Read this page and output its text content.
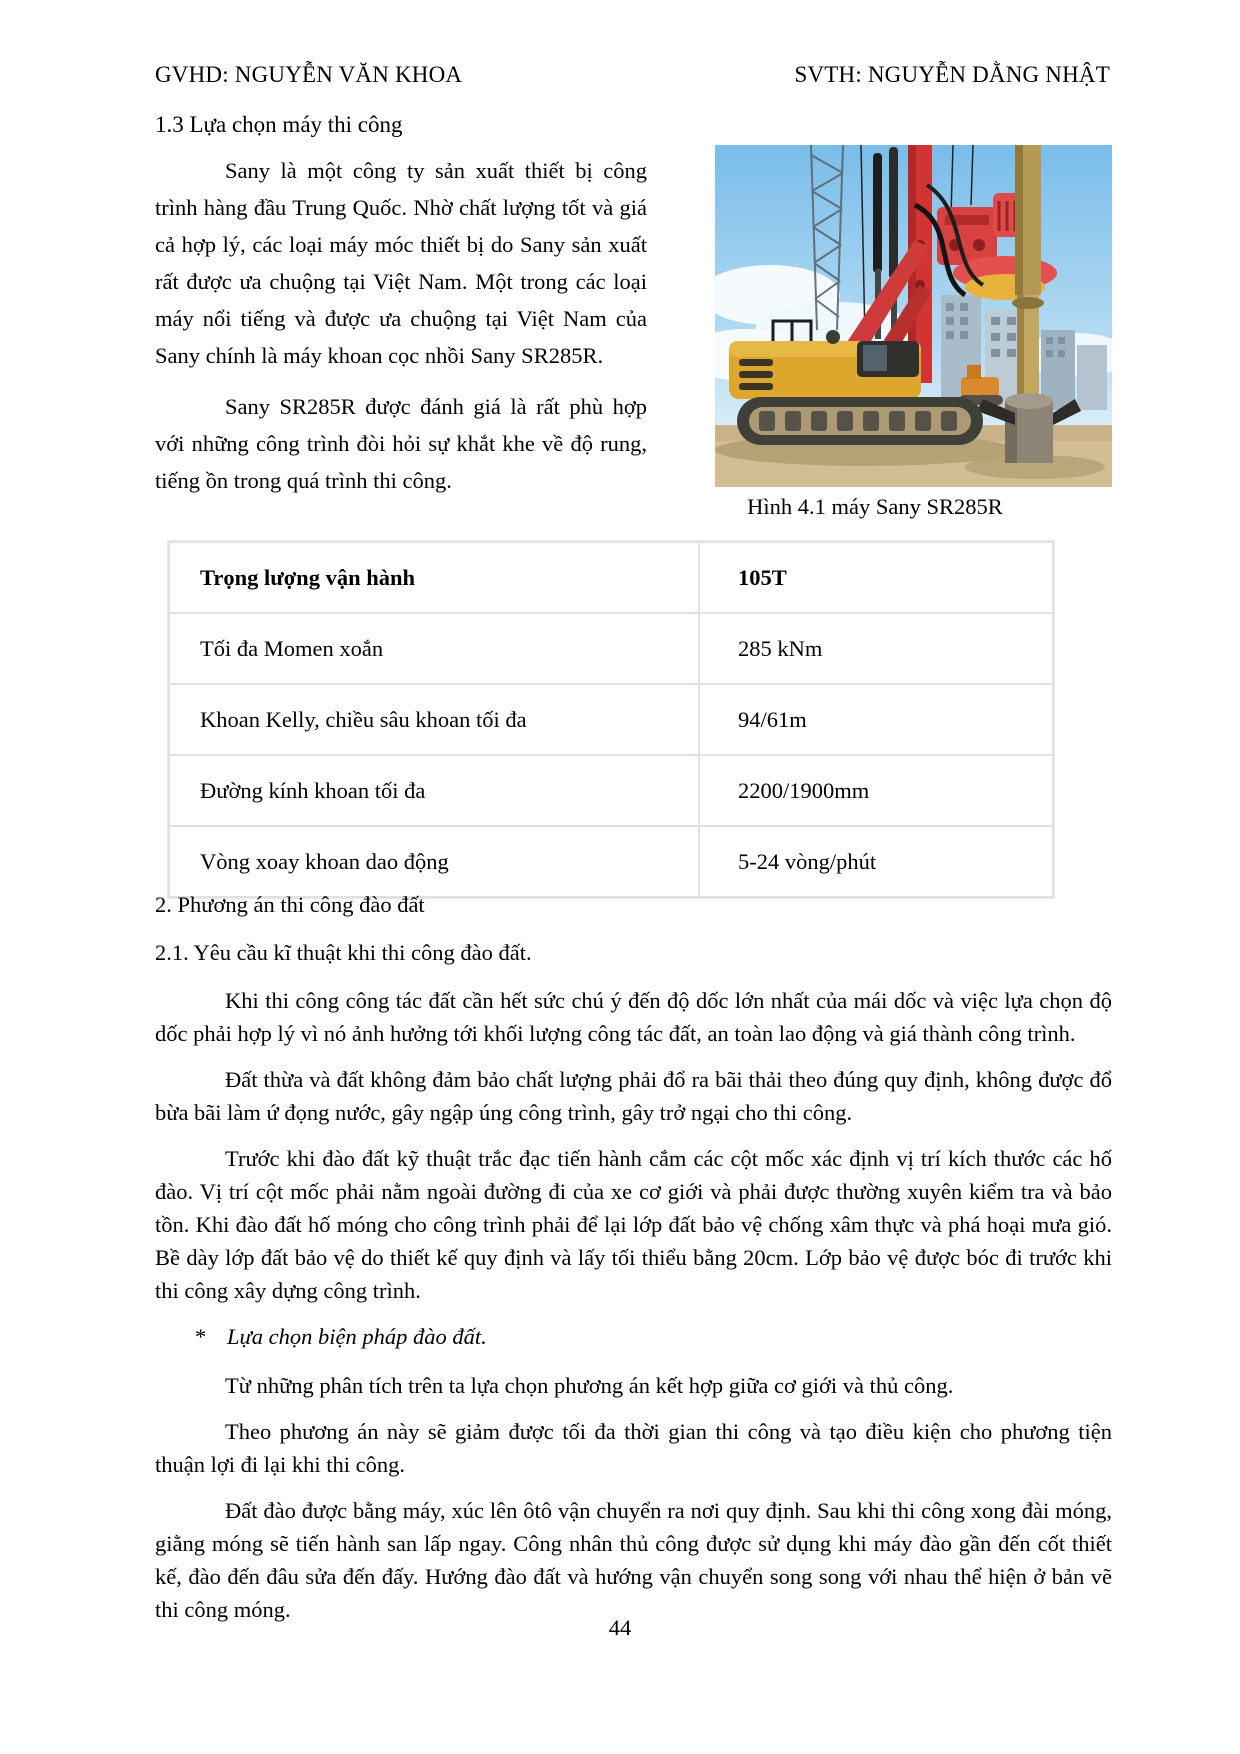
GVHD: NGUYỄN VĂN KHOA	SVTH: NGUYỄN DẰNG NHẬT
1.3 Lựa chọn máy thi công

Sany là một công ty sản xuất thiết bị công trình hàng đầu Trung Quốc. Nhờ chất lượng tốt và giá cả hợp lý, các loại máy móc thiết bị do Sany sản xuất rất được ưa chuộng tại Việt Nam. Một trong các loại máy nổi tiếng và được ưa chuộng tại Việt Nam của Sany chính là máy khoan cọc nhồi Sany SR285R.

Sany SR285R được đánh giá là rất phù hợp với những công trình đòi hỏi sự khắt khe về độ rung, tiếng ồn trong quá trình thi công.

Hình 4.1 máy Sany SR285R
Trọng lượng vận hành	105T
Tối đa Momen xoắn	285 kNm
Khoan Kelly, chiều sâu khoan tối đa	94/61m
Đường kính khoan tối đa	2200/1900mm
Vòng xoay khoan dao động	5-24 vòng/phút
2. Phương án thi công đào đất
2.1. Yêu cầu kĩ thuật khi thi công đào đất.

Khi thi công công tác đất cần hết sức chú ý đến độ dốc lớn nhất của mái dốc và việc lựa chọn độ dốc phải hợp lý vì nó ảnh hưởng tới khối lượng công tác đất, an toàn lao động và giá thành công trình.

Đất thừa và đất không đảm bảo chất lượng phải đổ ra bãi thải theo đúng quy định, không được đổ bừa bãi làm ứ đọng nước, gây ngập úng công trình, gây trở ngại cho thi công.

Trước khi đào đất kỹ thuật trắc đạc tiến hành cắm các cột mốc xác định vị trí kích thước các hố đào. Vị trí cột mốc phải nằm ngoài đường đi của xe cơ giới và phải được thường xuyên kiểm tra và bảo tồn. Khi đào đất hố móng cho công trình phải để lại lớp đất bảo vệ chống xâm thực và phá hoại mưa gió. Bề dày lớp đất bảo vệ do thiết kế quy định và lấy tối thiểu bằng 20cm. Lớp bảo vệ được bóc đi trước khi thi công xây dựng công trình.

* Lựa chọn biện pháp đào đất.

Từ những phân tích trên ta lựa chọn phương án kết hợp giữa cơ giới và thủ công.

Theo phương án này sẽ giảm được tối đa thời gian thi công và tạo điều kiện cho phương tiện thuận lợi đi lại khi thi công.

Đất đào được bằng máy, xúc lên ôtô vận chuyển ra nơi quy định. Sau khi thi công xong đài móng, giằng móng sẽ tiến hành san lấp ngay. Công nhân thủ công được sử dụng khi máy đào gần đến cốt thiết kế, đào đến đâu sửa đến đấy. Hướng đào đất và hướng vận chuyển song song với nhau thể hiện ở bản vẽ thi công móng.

44
